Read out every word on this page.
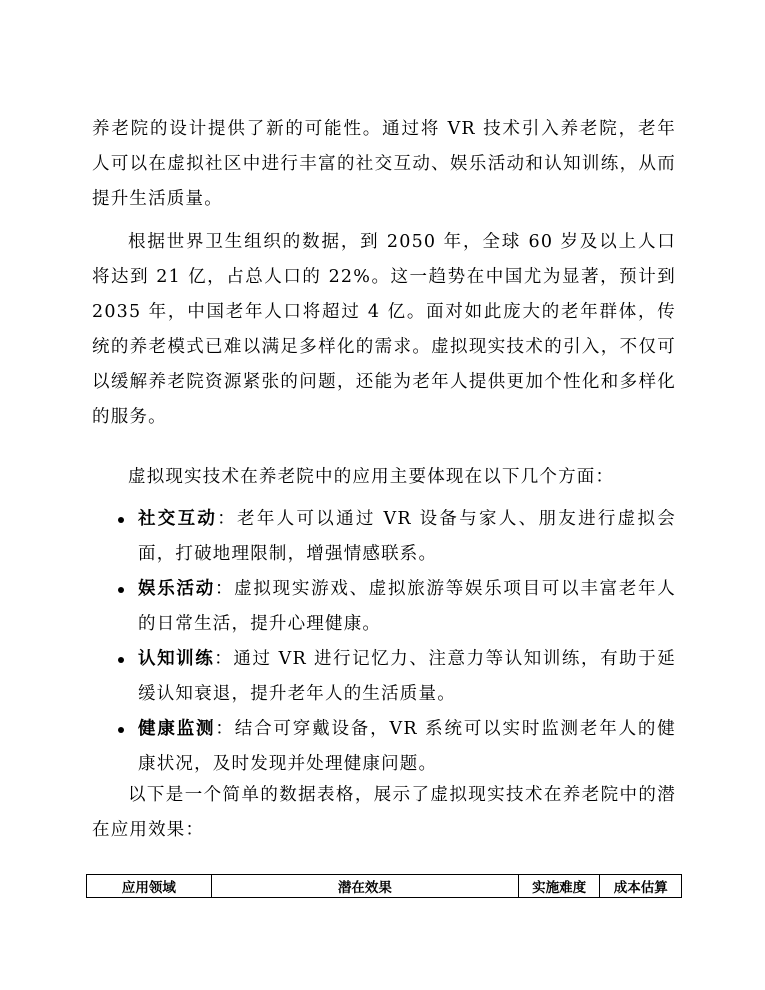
养老院的设计提供了新的可能性。通过将 VR 技术引入养老院，老年人可以在虚拟社区中进行丰富的社交互动、娱乐活动和认知训练，从而提升生活质量。

根据世界卫生组织的数据，到 2050 年，全球 60 岁及以上人口将达到 21 亿，占总人口的 22%。这一趋势在中国尤为显著，预计到 2035 年，中国老年人口将超过 4 亿。面对如此庞大的老年群体，传统的养老模式已难以满足多样化的需求。虚拟现实技术的引入，不仅可以缓解养老院资源紧张的问题，还能为老年人提供更加个性化和多样化的服务。

虚拟现实技术在养老院中的应用主要体现在以下几个方面：

社交互动：老年人可以通过 VR 设备与家人、朋友进行虚拟会面，打破地理限制，增强情感联系。
娱乐活动：虚拟现实游戏、虚拟旅游等娱乐项目可以丰富老年人的日常生活，提升心理健康。
认知训练：通过 VR 进行记忆力、注意力等认知训练，有助于延缓认知衰退，提升老年人的生活质量。
健康监测：结合可穿戴设备，VR 系统可以实时监测老年人的健康状况，及时发现并处理健康问题。

以下是一个简单的数据表格，展示了虚拟现实技术在养老院中的潜在应用效果：

应用领域	潜在效果	实施难度	成本估算
